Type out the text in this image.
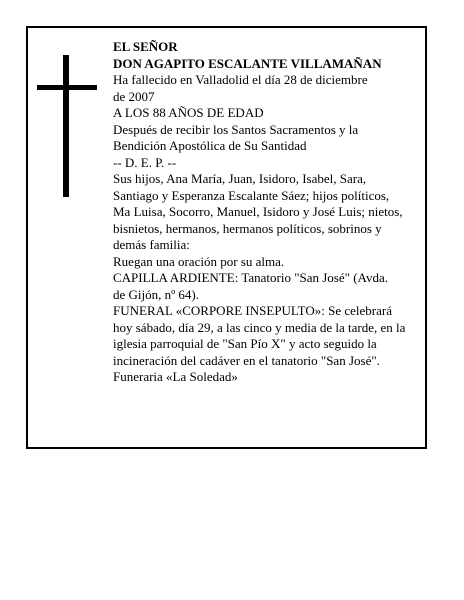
EL SEÑOR

DON AGAPITO ESCALANTE VILLAMAÑAN

Ha fallecido en Valladolid el día 28 de diciembre
de 2007

A LOS 88 AÑOS DE EDAD

Después de recibir los Santos Sacramentos y la
Bendición Apostólica de Su Santidad

-- D. E. P. --

Sus hijos, Ana María, Juan, Isidoro, Isabel, Sara,
Santiago y Esperanza Escalante Sáez; hijos políticos,
Ma Luisa, Socorro, Manuel, Isidoro y José Luis; nietos,
bisnietos, hermanos, hermanos políticos, sobrinos y
demás familia:

Ruegan una oración por su alma.

CAPILLA ARDIENTE: Tanatorio "San José" (Avda.
de Gijón, nº 64).

FUNERAL «CORPORE INSEPULTO»: Se celebrará
hoy sábado, día 29, a las cinco y media de la tarde, en la
iglesia parroquial de "San Pío X" y acto seguido la
incineración del cadáver en el tanatorio "San José".

Funeraria «La Soledad»
